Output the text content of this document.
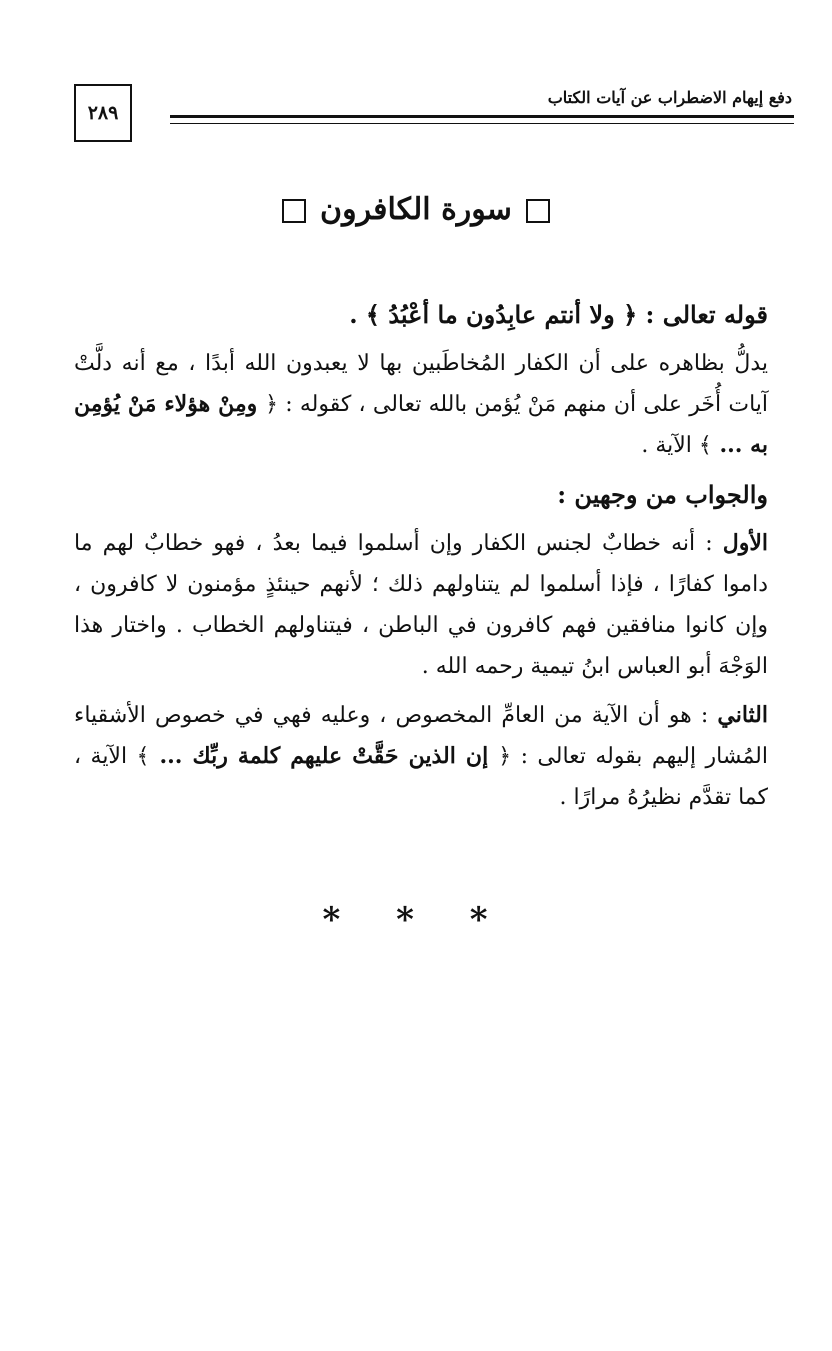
٢٨٩
دفع إيهام الاضطراب عن آيات الكتاب
سورة الكافرون

قوله تعالى : ﴿ ولا أنتم عابِدُون ما أعْبُدُ ﴾ .

يدلُّ بظاهره على أن الكفار المُخاطَبين بها لا يعبدون الله أبدًا ، مع أنه دلَّتْ آيات أُخَر على أن منهم مَنْ يُؤمن بالله تعالى ، كقوله : ﴿ ومِنْ هؤلاء مَنْ يُؤمِن به ... ﴾ الآية .

والجواب من وجهين :

الأول : أنه خطابٌ لجنس الكفار وإن أسلموا فيما بعدُ ، فهو خطابٌ لهم ما داموا كفارًا ، فإذا أسلموا لم يتناولهم ذلك ؛ لأنهم حينئذٍ مؤمنون لا كافرون ، وإن كانوا منافقين فهم كافرون في الباطن ، فيتناولهم الخطاب . واختار هذا الوَجْهَ أبو العباس ابنُ تيمية رحمه الله .

الثاني : هو أن الآية من العامِّ المخصوص ، وعليه فهي في خصوص الأشقياء المُشار إليهم بقوله تعالى : ﴿ إن الذين حَقَّتْ عليهم كلمة ربِّك ... ﴾ الآية ، كما تقدَّم نظيرُهُ مرارًا .

* * *
